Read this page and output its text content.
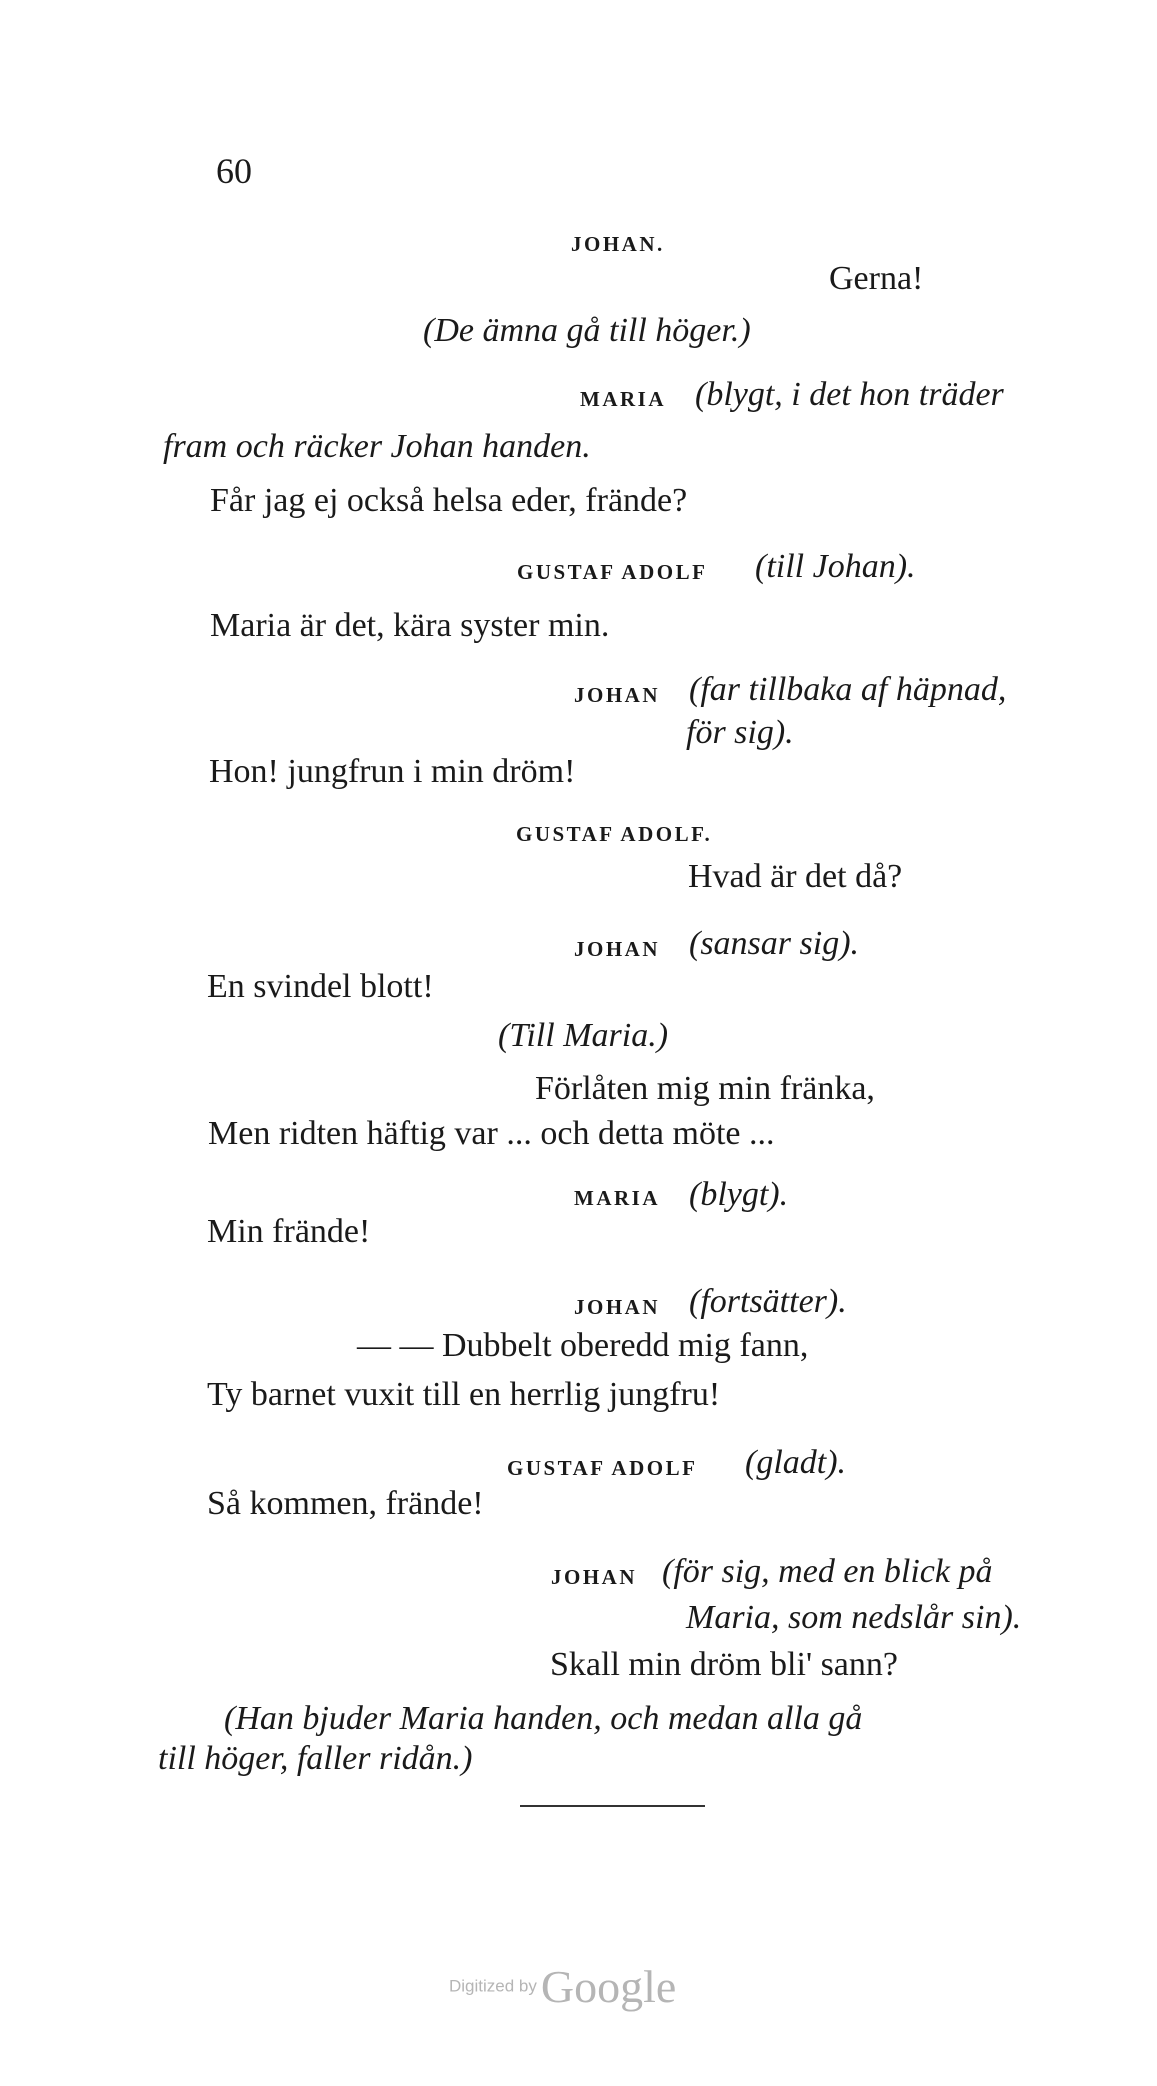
60
JOHAN.
Gerna!
(De ämna gå till höger.)
MARIA (blygt, i det hon träder
fram och räcker Johan handen.
Får jag ej också helsa eder, frände?
GUSTAF ADOLF (till Johan).
Maria är det, kära syster min.
JOHAN (far tillbaka af häpnad,
för sig).
Hon! jungfrun i min dröm!
GUSTAF ADOLF.
Hvad är det då?
JOHAN (sansar sig).
En svindel blott!
(Till Maria.)
Förlåten mig min fränka,
Men ridten häftig var ... och detta möte ...
MARIA (blygt).
Min frände!
JOHAN (fortsätter).
— — Dubbelt oberedd mig fann,
Ty barnet vuxit till en herrlig jungfru!
GUSTAF ADOLF (gladt).
Så kommen, frände!
JOHAN (för sig, med en blick på
Maria, som nedslår sin).
Skall min dröm bli' sann?
(Han bjuder Maria handen, och medan alla gå
till höger, faller ridån.)
Digitized byGoogle
